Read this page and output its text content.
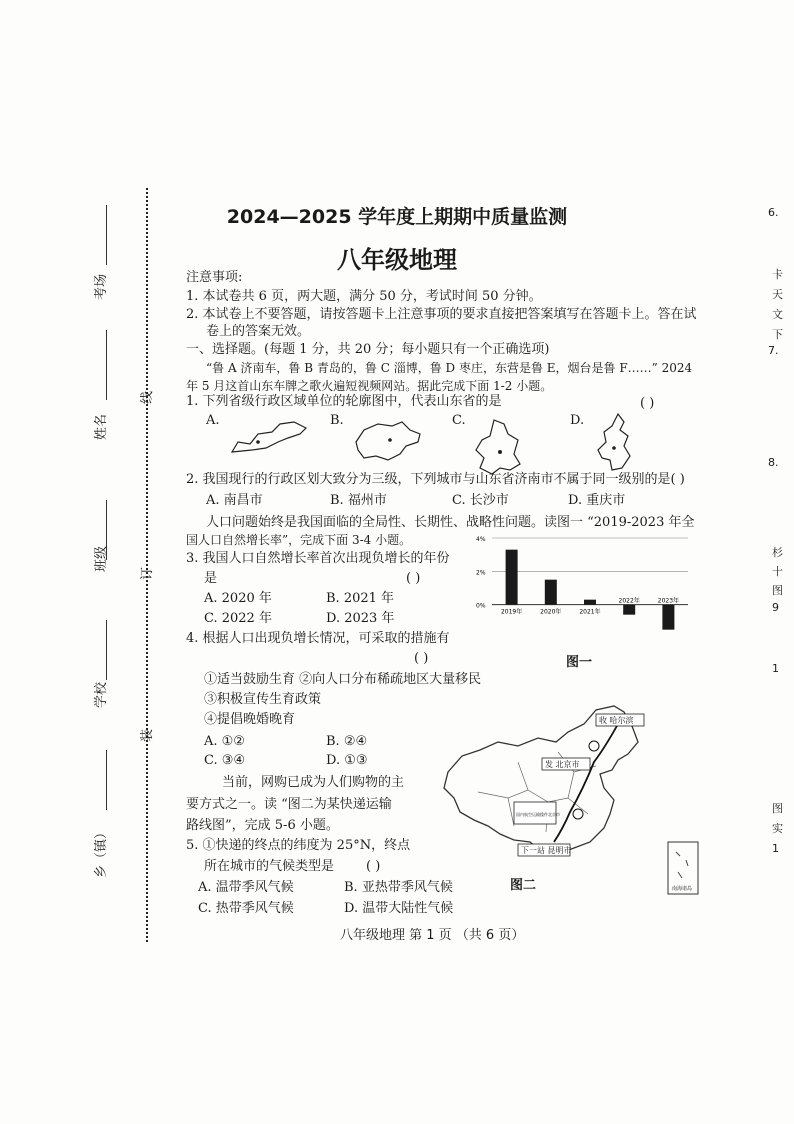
考场
姓名
班级
学校
乡（镇）
线
订
装
2024—2025 学年度上期期中质量监测
八年级地理
注意事项:
1. 本试卷共 6 页，两大题，满分 50 分，考试时间 50 分钟。
2. 本试卷上不要答题，请按答题卡上注意事项的要求直接把答案填写在答题卡上。答在试
卷上的答案无效。
一、选择题。(每题 1 分，共 20 分；每小题只有一个正确选项)
“鲁 A 济南车，鲁 B 青岛的，鲁 C 淄博，鲁 D 枣庄，东营是鲁 E，烟台是鲁 F……” 2024
年 5 月这首山东车牌之歌火遍短视频网站。据此完成下面 1-2 小题。
1. 下列省级行政区域单位的轮廓图中，代表山东省的是	( )
A.	B.	C.	D.
2. 我国现行的行政区划大致分为三级，下列城市与山东省济南市不属于同一级别的是( )
A. 南昌市	B. 福州市	C. 长沙市	D. 重庆市
人口问题始终是我国面临的全局性、长期性、战略性问题。读图一 “2019-2023 年全
国人口自然增长率”，完成下面 3-4 小题。
3. 我国人口自然增长率首次出现负增长的年份
是	( )
A. 2020 年	B. 2021 年
C. 2022 年	D. 2023 年
4%
2%
0%
2019年	2020年	2021年
2022年	2023年
图一
4. 根据人口出现负增长情况，可采取的措施有
( )
①适当鼓励生育 ②向人口分布稀疏地区大量移民
③积极宣传生育政策
④提倡晚婚晚育
A. ①②	B. ②④
C. ③④	D. ①③
当前，网购已成为人们购物的主
要方式之一。读 “图二为某快递运输
路线图”，完成 5-6 小题。
5. ①快递的终点的纬度为 25°N，终点
所在城市的气候类型是 ( )
A. 温带季风气候	B. 亚热带季风气候
C. 热带季风气候	D. 温带大陆性气候
收 哈尔滨
发 北京市
国内航空运输揽件北京市
下一站 昆明市
南海诸岛
图二
八年级地理 第 1 页 （共 6 页）
6.
卡
天
文
下
7.
8.
杉
十
图
9
1
图
实
1
